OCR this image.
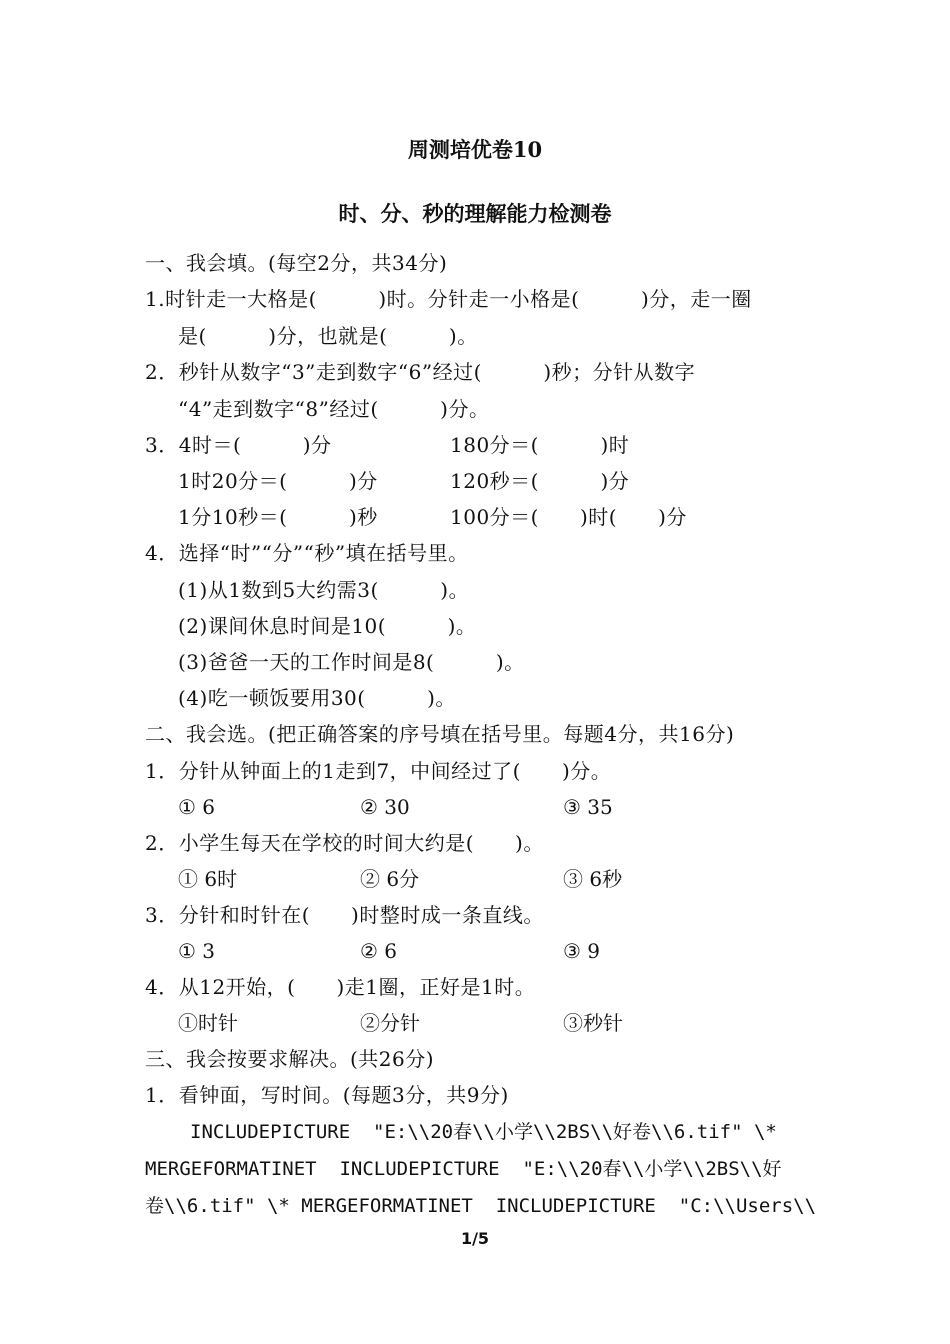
周测培优卷10
时、分、秒的理解能力检测卷
一、我会填。(每空2分，共34分)
1.时针走一大格是(　　　)时。分针走一小格是(　　　)分，走一圈
是(　　　)分，也就是(　　　)。
2．秒针从数字“3”走到数字“6”经过(　　　)秒；分针从数字
“4”走到数字“8”经过(　　　)分。
3．4时＝(　　　)分	180分＝(　　　)时
1时20分＝(　　　)分	120秒＝(　　　)分
1分10秒＝(　　　)秒	100分＝(　　)时(　　)分
4．选择“时”“分”“秒”填在括号里。
(1)从1数到5大约需3(　　　)。
(2)课间休息时间是10(　　　)。
(3)爸爸一天的工作时间是8(　　　)。
(4)吃一顿饭要用30(　　　)。
二、我会选。(把正确答案的序号填在括号里。每题4分，共16分)
1．分针从钟面上的1走到7，中间经过了(　　)分。
① 6	② 30	③ 35
2．小学生每天在学校的时间大约是(　　)。
① 6时	② 6分	③ 6秒
3．分针和时针在(　　)时整时成一条直线。
① 3	② 6	③ 9
4．从12开始，(　　)走1圈，正好是1时。
①时针	②分针	③秒针
三、我会按要求解决。(共26分)
1．看钟面，写时间。(每题3分，共9分)
INCLUDEPICTURE  "E:\\20春\\小学\\2BS\\好卷\\6.tif" \*
MERGEFORMATINET  INCLUDEPICTURE  "E:\\20春\\小学\\2BS\\好
卷\\6.tif" \* MERGEFORMATINET  INCLUDEPICTURE  "C:\\Users\\
1/5
